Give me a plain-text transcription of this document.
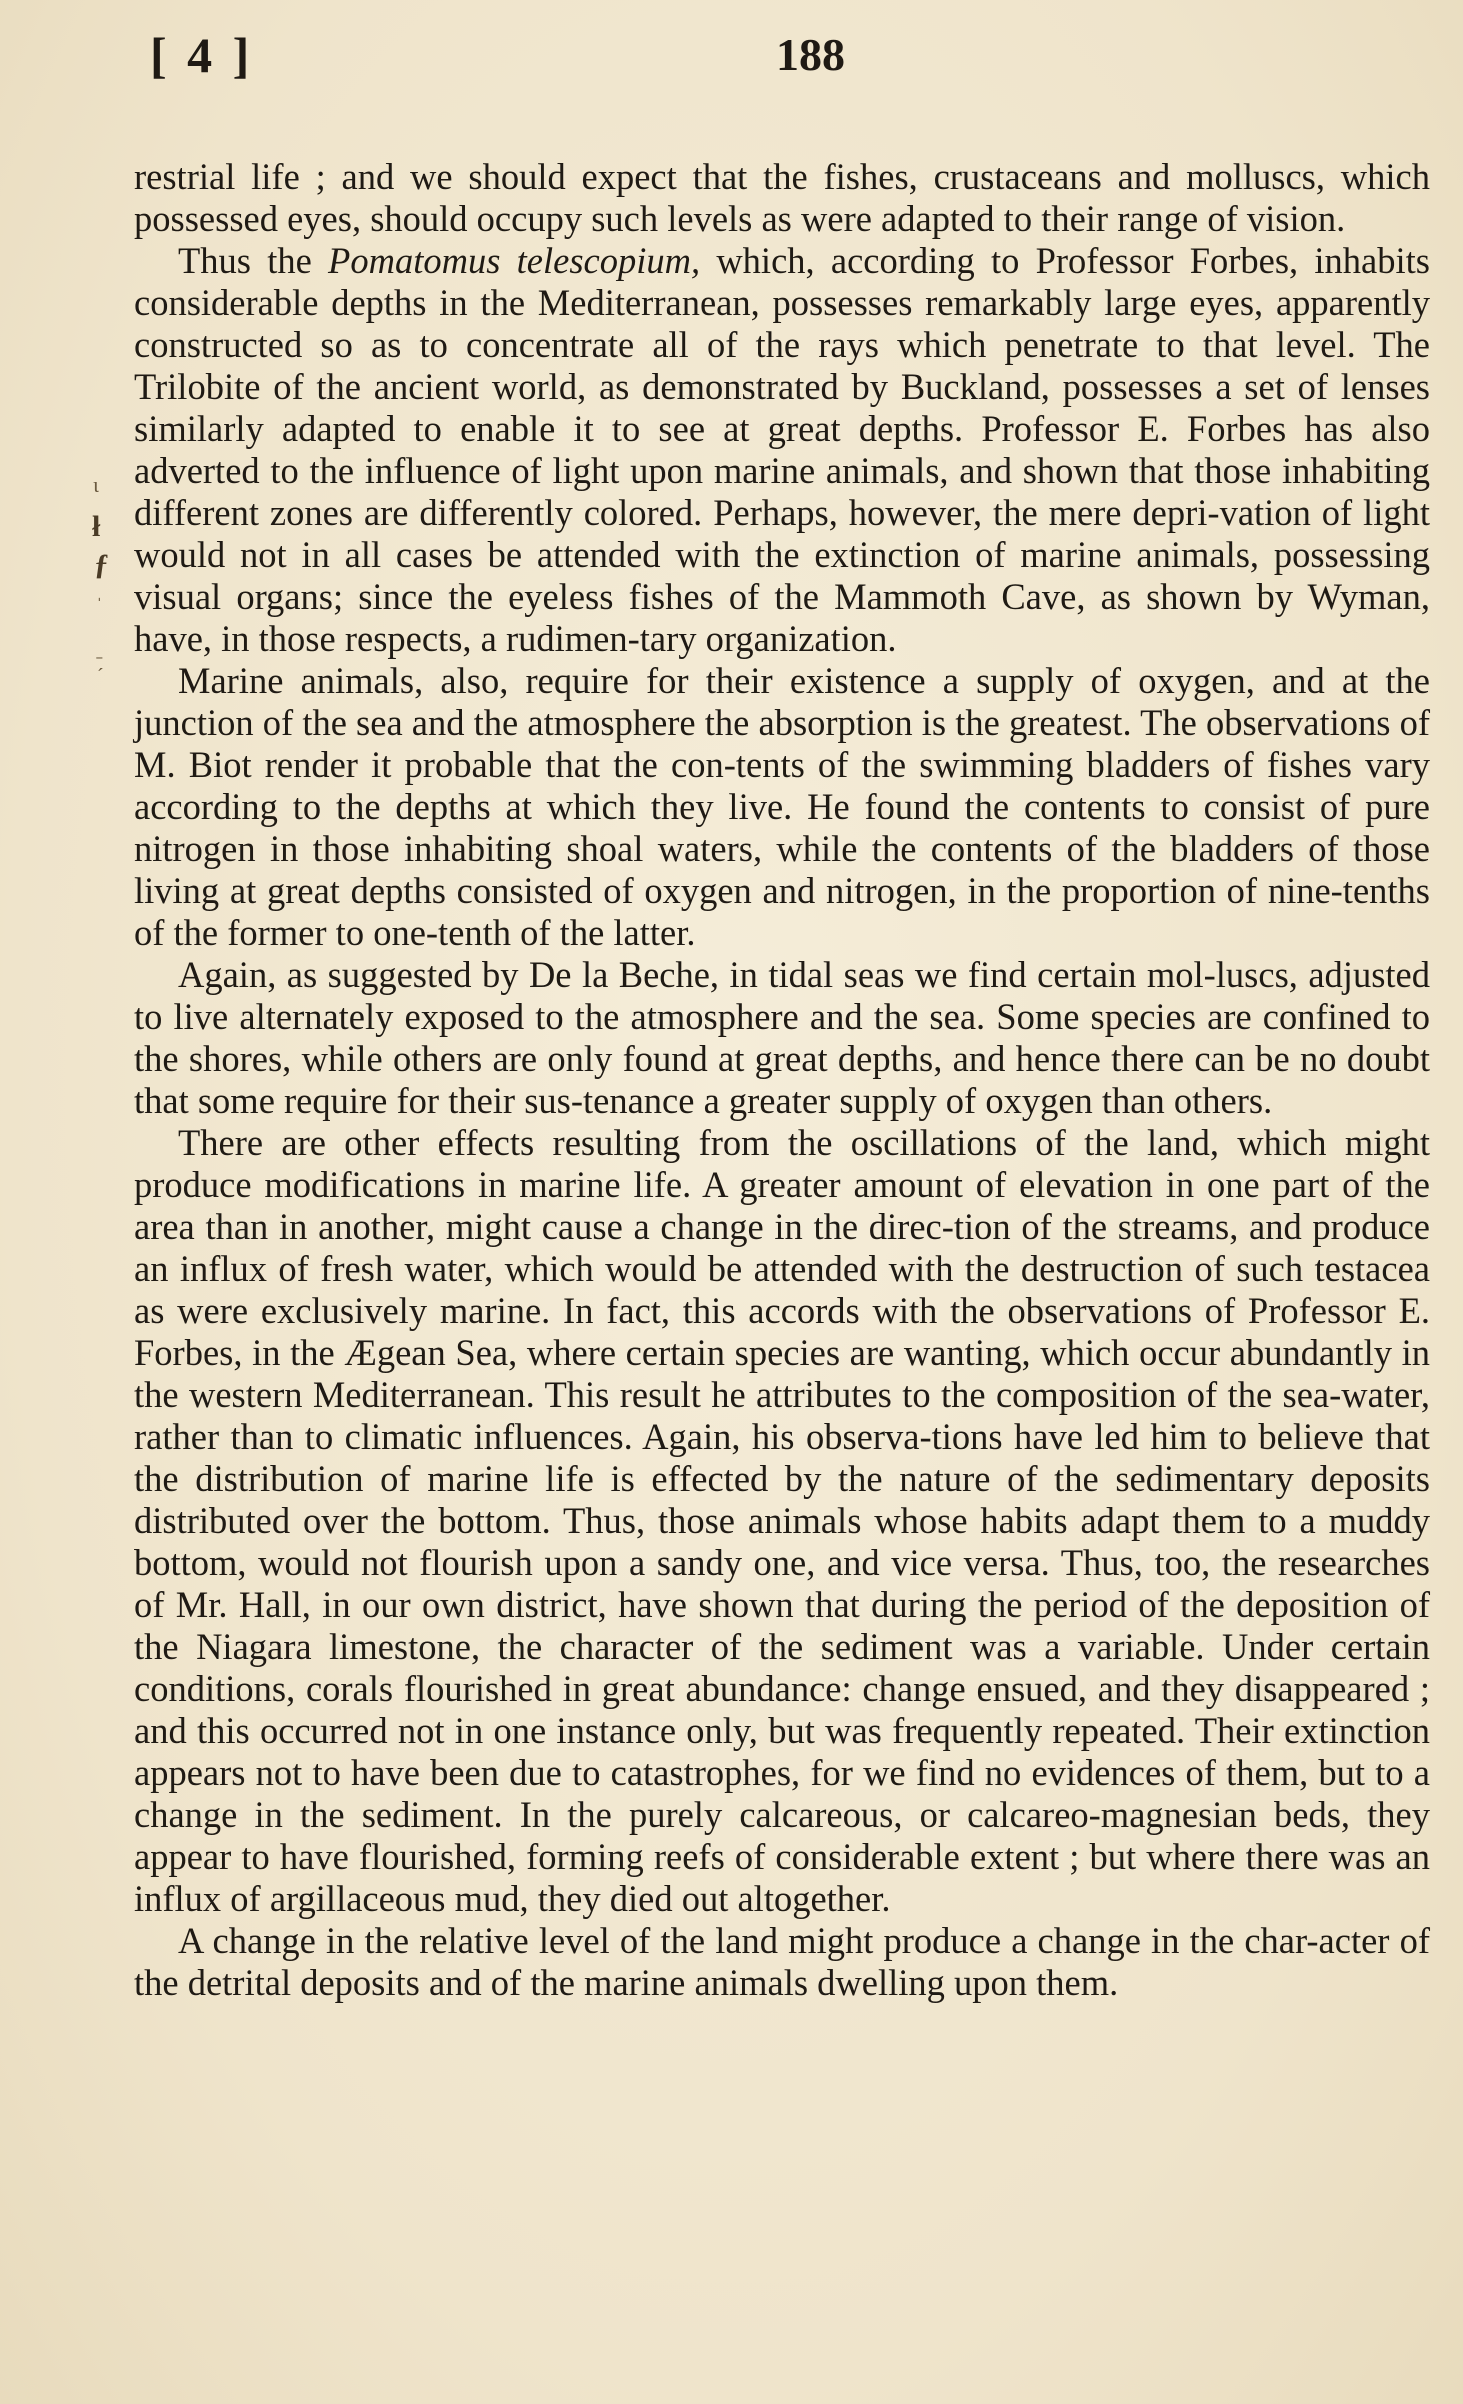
[ 4 ]	188
ι
ł
ƒ
ˈ
˗
ˊ

restrial life ; and we should expect that the fishes, crustaceans and molluscs, which possessed eyes, should occupy such levels as were adapted to their range of vision.

Thus the Pomatomus telescopium, which, according to Professor Forbes, inhabits considerable depths in the Mediterranean, possesses remarkably large eyes, apparently constructed so as to concentrate all of the rays which penetrate to that level. The Trilobite of the ancient world, as demonstrated by Buckland, possesses a set of lenses similarly adapted to enable it to see at great depths. Professor E. Forbes has also adverted to the influence of light upon marine animals, and shown that those inhabiting different zones are differently colored. Perhaps, however, the mere depri-vation of light would not in all cases be attended with the extinction of marine animals, possessing visual organs; since the eyeless fishes of the Mammoth Cave, as shown by Wyman, have, in those respects, a rudimen-tary organization.

Marine animals, also, require for their existence a supply of oxygen, and at the junction of the sea and the atmosphere the absorption is the greatest. The observations of M. Biot render it probable that the con-tents of the swimming bladders of fishes vary according to the depths at which they live. He found the contents to consist of pure nitrogen in those inhabiting shoal waters, while the contents of the bladders of those living at great depths consisted of oxygen and nitrogen, in the proportion of nine-tenths of the former to one-tenth of the latter.

Again, as suggested by De la Beche, in tidal seas we find certain mol-luscs, adjusted to live alternately exposed to the atmosphere and the sea. Some species are confined to the shores, while others are only found at great depths, and hence there can be no doubt that some require for their sus-tenance a greater supply of oxygen than others.

There are other effects resulting from the oscillations of the land, which might produce modifications in marine life. A greater amount of elevation in one part of the area than in another, might cause a change in the direc-tion of the streams, and produce an influx of fresh water, which would be attended with the destruction of such testacea as were exclusively marine. In fact, this accords with the observations of Professor E. Forbes, in the Ægean Sea, where certain species are wanting, which occur abundantly in the western Mediterranean. This result he attributes to the composition of the sea-water, rather than to climatic influences. Again, his observa-tions have led him to believe that the distribution of marine life is effected by the nature of the sedimentary deposits distributed over the bottom. Thus, those animals whose habits adapt them to a muddy bottom, would not flourish upon a sandy one, and vice versa. Thus, too, the researches of Mr. Hall, in our own district, have shown that during the period of the deposition of the Niagara limestone, the character of the sediment was a variable. Under certain conditions, corals flourished in great abundance: change ensued, and they disappeared ; and this occurred not in one instance only, but was frequently repeated. Their extinction appears not to have been due to catastrophes, for we find no evidences of them, but to a change in the sediment. In the purely calcareous, or calcareo-magnesian beds, they appear to have flourished, forming reefs of considerable extent ; but where there was an influx of argillaceous mud, they died out altogether.

A change in the relative level of the land might produce a change in the char-acter of the detrital deposits and of the marine animals dwelling upon them.
